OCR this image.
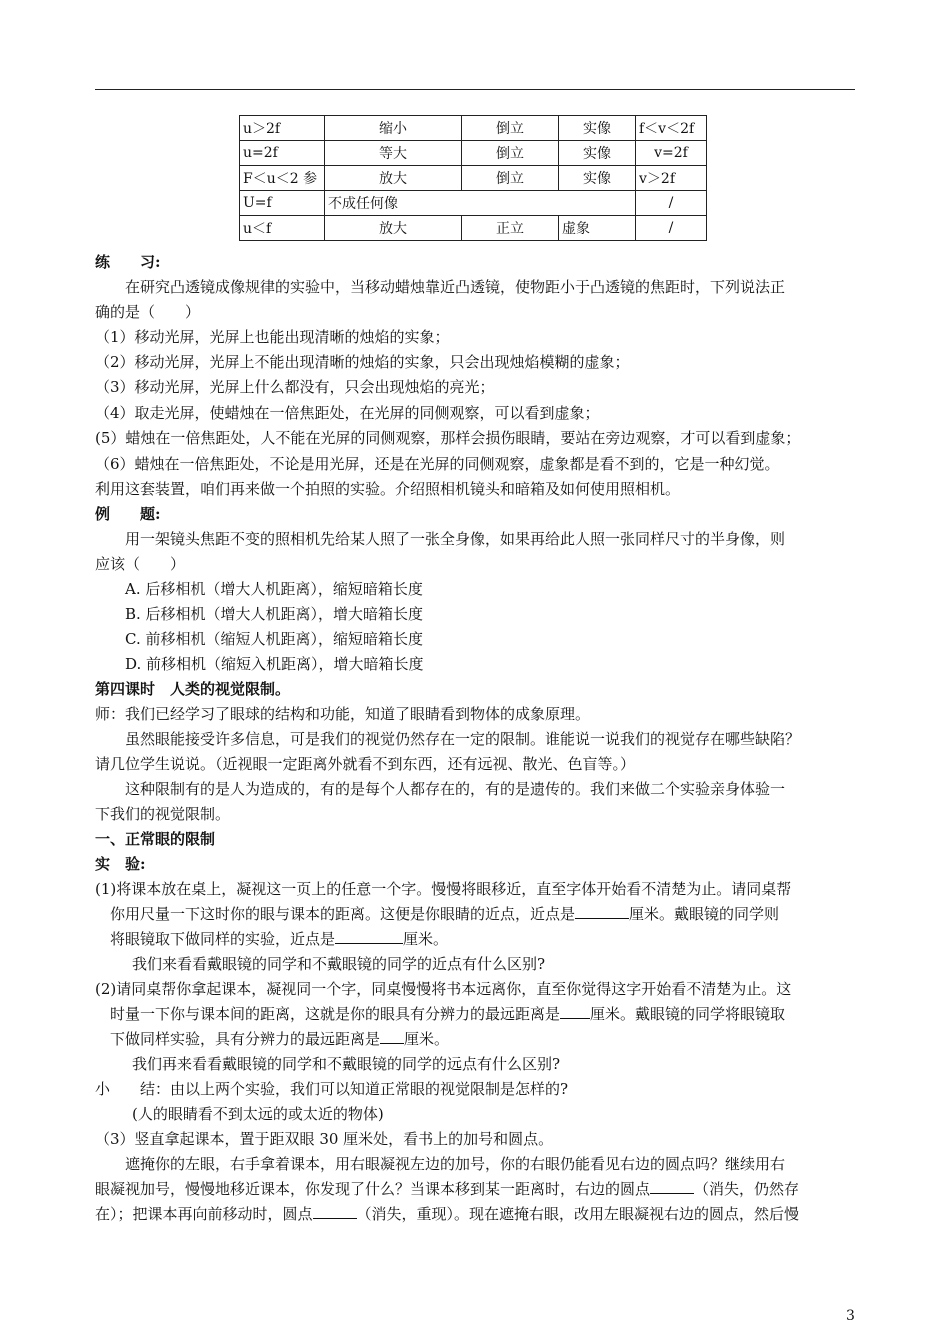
u＞2f	缩小	倒立	实像	f＜v＜2f
u=2f	等大	倒立	实像	v=2f
F＜u＜2 参	放大	倒立	实像	v＞2f
U=f	不成任何像			/
u＜f	放大	正立	虚象	/
练　　习:
在研究凸透镜成像规律的实验中，当移动蜡烛靠近凸透镜，使物距小于凸透镜的焦距时，下列说法正
确的是（　　）
（1）移动光屏，光屏上也能出现清晰的烛焰的实象；
（2）移动光屏，光屏上不能出现清晰的烛焰的实象，只会出现烛焰模糊的虚象；
（3）移动光屏，光屏上什么都没有，只会出现烛焰的亮光；
（4）取走光屏，使蜡烛在一倍焦距处，在光屏的同侧观察，可以看到虚象；
(5）蜡烛在一倍焦距处，人不能在光屏的同侧观察，那样会损伤眼睛，要站在旁边观察，才可以看到虚象；
（6）蜡烛在一倍焦距处，不论是用光屏，还是在光屏的同侧观察，虚象都是看不到的，它是一种幻觉。
利用这套装置，咱们再来做一个拍照的实验。介绍照相机镜头和暗箱及如何使用照相机。
例　　题:
用一架镜头焦距不变的照相机先给某人照了一张全身像，如果再给此人照一张同样尺寸的半身像，则
应该（　　）
A. 后移相机（增大人机距离），缩短暗箱长度
B. 后移相机（增大人机距离），增大暗箱长度
C. 前移相机（缩短人机距离），缩短暗箱长度
D. 前移相机（缩短入机距离），增大暗箱长度
第四课时　人类的视觉限制。
师：我们已经学习了眼球的结构和功能，知道了眼睛看到物体的成象原理。
虽然眼能接受许多信息，可是我们的视觉仍然存在一定的限制。谁能说一说我们的视觉存在哪些缺陷？
请几位学生说说。（近视眼一定距离外就看不到东西，还有远视、散光、色盲等。）
这种限制有的是人为造成的，有的是每个人都存在的，有的是遗传的。我们来做二个实验亲身体验一
下我们的视觉限制。
一、正常眼的限制
实　验:
(1)将课本放在桌上，凝视这一页上的任意一个字。慢慢将眼移近，直至字体开始看不清楚为止。请同桌帮
你用尺量一下这时你的眼与课本的距离。这便是你眼睛的近点，近点是	厘米。戴眼镜的同学则
将眼镜取下做同样的实验，近点是	厘米。
我们来看看戴眼镜的同学和不戴眼镜的同学的近点有什么区别?
(2)请同桌帮你拿起课本，凝视同一个字，同桌慢慢将书本远离你，直至你觉得这字开始看不清楚为止。这
时量一下你与课本间的距离，这就是你的眼具有分辨力的最远距离是 厘米。戴眼镜的同学将眼镜取
下做同样实验，具有分辨力的最远距离是 厘米。
我们再来看看戴眼镜的同学和不戴眼镜的同学的远点有什么区别?
小　　结：由以上两个实验，我们可以知道正常眼的视觉限制是怎样的?
(人的眼睛看不到太远的或太近的物体)
（3）竖直拿起课本，置于距双眼 30 厘米处，看书上的加号和圆点。
遮掩你的左眼，右手拿着课本，用右眼凝视左边的加号，你的右眼仍能看见右边的圆点吗？继续用右
眼凝视加号，慢慢地移近课本，你发现了什么？当课本移到某一距离时，右边的圆点	（消失，仍然存
在）；把课本再向前移动时，圆点	（消失，重现）。现在遮掩右眼，改用左眼凝视右边的圆点，然后慢
3
